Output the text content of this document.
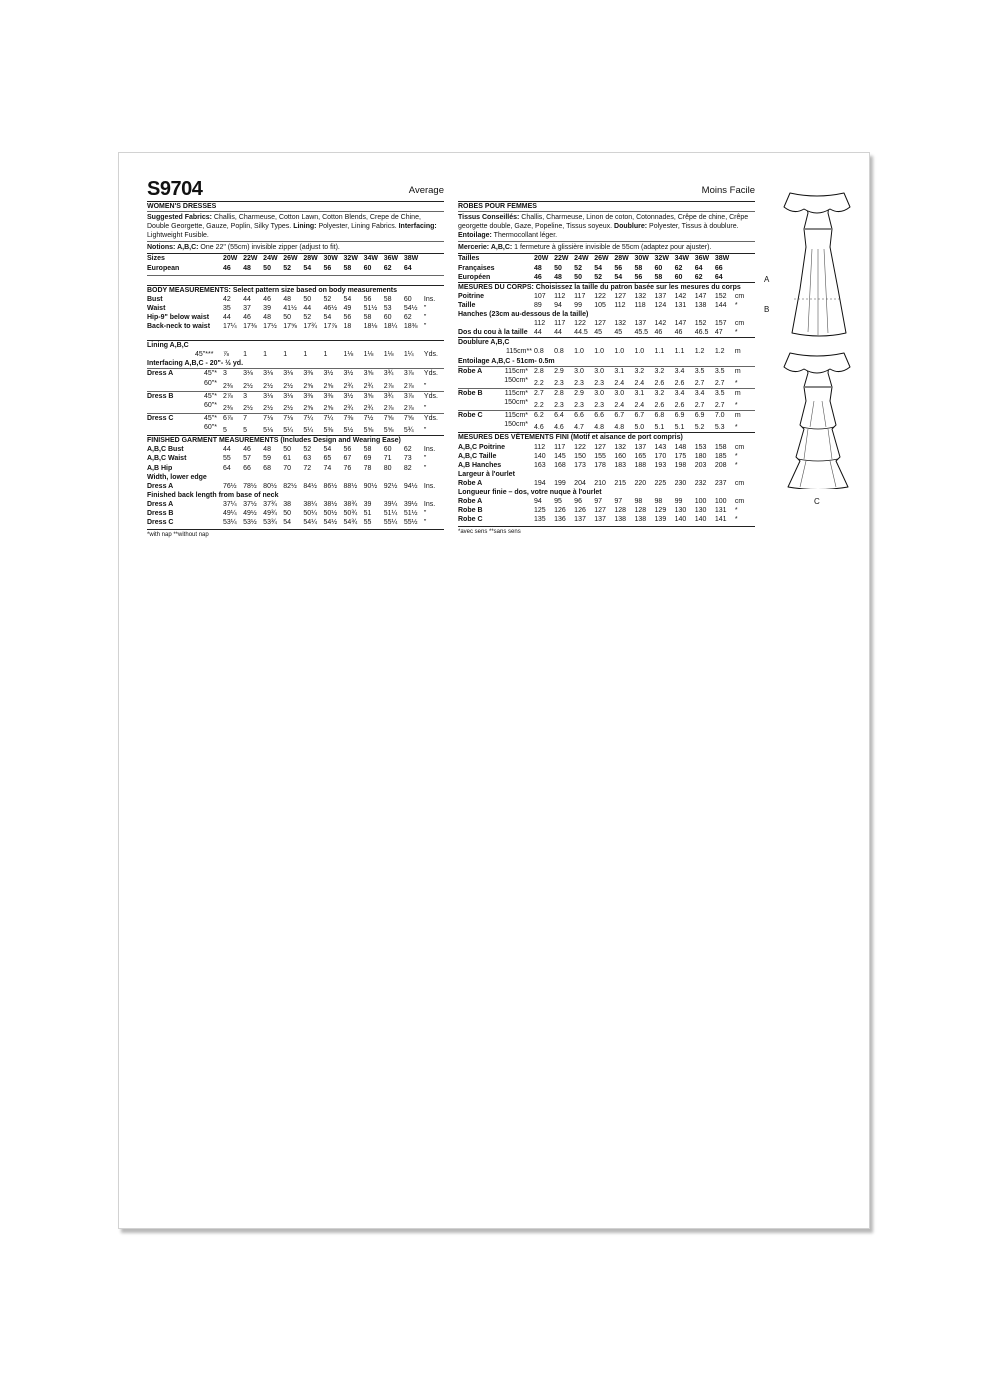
S9704	Average

WOMEN'S DRESSES

Suggested Fabrics: Challis, Charmeuse, Cotton Lawn, Cotton Blends, Crepe de Chine, Double Georgette, Gauze, Poplin, Silky Types. Lining: Polyester, Lining Fabrics. Interfacing: Lightweight Fusible.

Notions: A,B,C: One 22" (55cm) invisible zipper (adjust to fit).

Sizes	20W 22W 24W 26W 28W 30W 32W 34W 36W 38W
European	46	48	50	52	54	56	58	60	62	64

BODY MEASUREMENTS: Select pattern size based on body measurements

Bust	42	44	46	48	50	52	54	56	58	60	Ins.
Waist	35	37	39	41½ 44	46½ 49	51½ 53	54½ "
Hip-9" below waist	44	46	48	50	52	54	56	58	60	62	"
Back-neck to waist	17¼ 17⅜ 17½ 17⅝ 17¾ 17⅞ 18	18⅛ 18¼ 18⅜ "

Lining A,B,C

45"***	⅞	1	1	1	1	1	1⅛	1⅛	1⅛	1¼	Yds.

Interfacing A,B,C - 20"- ½ yd.

Dress A	45"* 3	3⅛	3⅛	3⅛	3⅜	3½	3½	3⅝	3¾	3⅞	Yds.
60"* 2⅜	2½	2½	2½	2⅝	2⅝	2¾	2¾	2⅞	2⅞	"
Dress B	45"* 2⅞	3	3⅛	3⅛	3⅜	3⅜	3½	3⅝	3¾	3⅞	Yds.
60"* 2⅜	2½	2½	2½	2⅝	2⅝	2¾	2¾	2⅞	2⅞	"
Dress C	45"* 6⅞	7	7⅛	7⅛	7¼	7¼	7⅜	7½	7⅝	7⅝	Yds.
60"* 5	5	5⅛	5¼	5¼	5⅜	5½	5⅝	5⅝	5¾	"

FINISHED GARMENT MEASUREMENTS (Includes Design and Wearing Ease)

A,B,C Bust	44	46	48	50	52	54	56	58	60	62	Ins.
A,B,C Waist	55	57	59	61	63	65	67	69	71	73	"
A,B Hip	64	66	68	70	72	74	76	78	80	82	"

Width, lower edge

Dress A	76½ 78½ 80½ 82½ 84½ 86½ 88½ 90½ 92½ 94½ Ins.

Finished back length from base of neck

Dress A	37¼ 37½ 37¾ 38	38¼ 38½ 38¾ 39	39¼ 39½ Ins.
Dress B	49¼ 49½ 49¾ 50	50¼ 50½ 50¾ 51	51¼ 51½ "
Dress C	53¼ 53½ 53¾ 54	54¼ 54½ 54¾ 55	55¼ 55½ "

*with nap **without nap

Moins Facile

ROBES POUR FEMMES

Tissus Conseillés: Challis, Charmeuse, Linon de coton, Cotonnades, Crêpe de chine, Crêpe georgette double, Gaze, Popeline, Tissus soyeux. Doublure: Polyester, Tissus à doublure.
Entoilage: Thermocollant léger.

Mercerie: A,B,C: 1 fermeture à glissière invisible de 55cm (adaptez pour ajuster).

Tailles	20W 22W 24W 26W 28W 30W 32W 34W 36W 38W
Françaises	48	50	52	54	56	58	60	62	64	66
Européen	46	48	50	52	54	56	58	60	62	64

MESURES DU CORPS: Choisissez la taille du patron basée sur les mesures du corps

Poitrine	107	112	117	122	127	132	137	142	147	152	cm
Taille	89	94	99	105	112	118	124	131	138	144	*

Hanches (23cm au-dessous de la taille)

112	117	122	127	132	137	142	147	152	157	cm
Dos du cou à la taille 44	44	44.5 45	45	45.5 46	46	46.5 47	*

Doublure A,B,C

115cm** 0.8	0.8	1.0	1.0	1.0	1.0	1.1	1.1	1.2	1.2	m

Entoilage A,B,C - 51cm- 0.5m

Robe A	115cm* 2.8	2.9	3.0	3.0	3.1	3.2	3.2	3.4	3.5	3.5	m
150cm* 2.2	2.3	2.3	2.3	2.4	2.4	2.6	2.6	2.7	2.7	*
Robe B	115cm* 2.7	2.8	2.9	3.0	3.0	3.1	3.2	3.4	3.4	3.5	m
150cm* 2.2	2.3	2.3	2.3	2.4	2.4	2.6	2.6	2.7	2.7	*
Robe C	115cm* 6.2	6.4	6.6	6.6	6.7	6.7	6.8	6.9	6.9	7.0	m
150cm* 4.6	4.6	4.7	4.8	4.8	5.0	5.1	5.1	5.2	5.3	*

MESURES DES VÊTEMENTS FINI (Motif et aisance de port compris)

A,B,C Poitrine	112	117	122	127	132	137	143	148	153	158	cm
A,B,C Taille	140	145	150	155	160	165	170	175	180	185	*
A,B Hanches	163	168	173	178	183	188	193	198	203	208	*

Largeur à l'ourlet

Robe A	194	199	204	210	215	220	225	230	232	237	cm

Longueur finie – dos, votre nuque à l'ourlet

Robe A	94	95	96	97	97	98	98	99	100	100	cm
Robe B	125	126	126	127	128	128	129	130	130	131	*
Robe C	135	136	137	137	138	138	139	140	140	141	*

*avec sens **sans sens

A
B
C
